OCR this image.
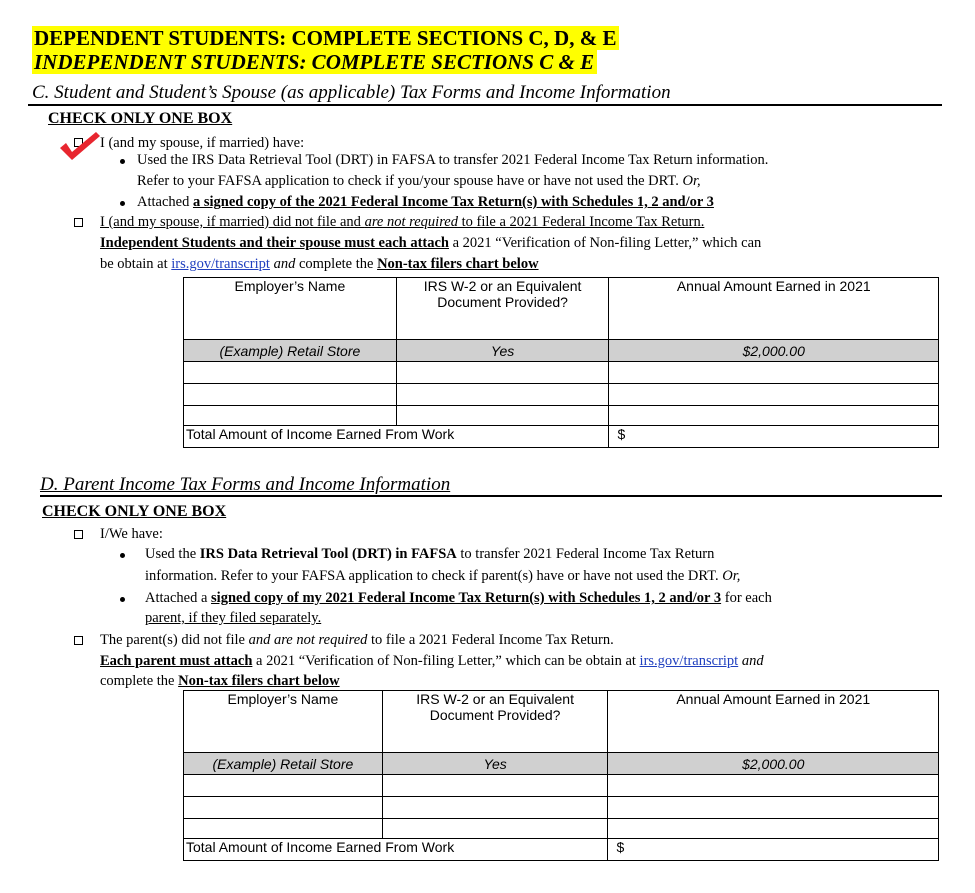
DEPENDENT STUDENTS: COMPLETE SECTIONS C, D, & E
INDEPENDENT STUDENTS: COMPLETE SECTIONS C & E
C. Student and Student’s Spouse (as applicable) Tax Forms and Income Information
CHECK ONLY ONE BOX
I (and my spouse, if married) have:
Used the IRS Data Retrieval Tool (DRT) in FAFSA to transfer 2021 Federal Income Tax Return information.
Refer to your FAFSA application to check if you/your spouse have or have not used the DRT. Or,
Attached a signed copy of the 2021 Federal Income Tax Return(s) with Schedules 1, 2 and/or 3
I (and my spouse, if married) did not file and are not required to file a 2021 Federal Income Tax Return.
Independent Students and their spouse must each attach a 2021 “Verification of Non-filing Letter,” which can
be obtain at irs.gov/transcript and complete the Non-tax filers chart below
Employer’s Name	IRS W-2 or an Equivalent Document Provided?	Annual Amount Earned in 2021
(Example) Retail Store	Yes	$2,000.00

Total Amount of Income Earned From Work		$
D. Parent Income Tax Forms and Income Information
CHECK ONLY ONE BOX
I/We have:
Used the IRS Data Retrieval Tool (DRT) in FAFSA to transfer 2021 Federal Income Tax Return
information. Refer to your FAFSA application to check if parent(s) have or have not used the DRT. Or,
Attached a signed copy of my 2021 Federal Income Tax Return(s) with Schedules 1, 2 and/or 3 for each
parent, if they filed separately.
The parent(s) did not file and are not required to file a 2021 Federal Income Tax Return.
Each parent must attach a 2021 “Verification of Non-filing Letter,” which can be obtain at irs.gov/transcript and
complete the Non-tax filers chart below
Employer’s Name	IRS W-2 or an Equivalent Document Provided?	Annual Amount Earned in 2021
(Example) Retail Store	Yes	$2,000.00

Total Amount of Income Earned From Work		$
